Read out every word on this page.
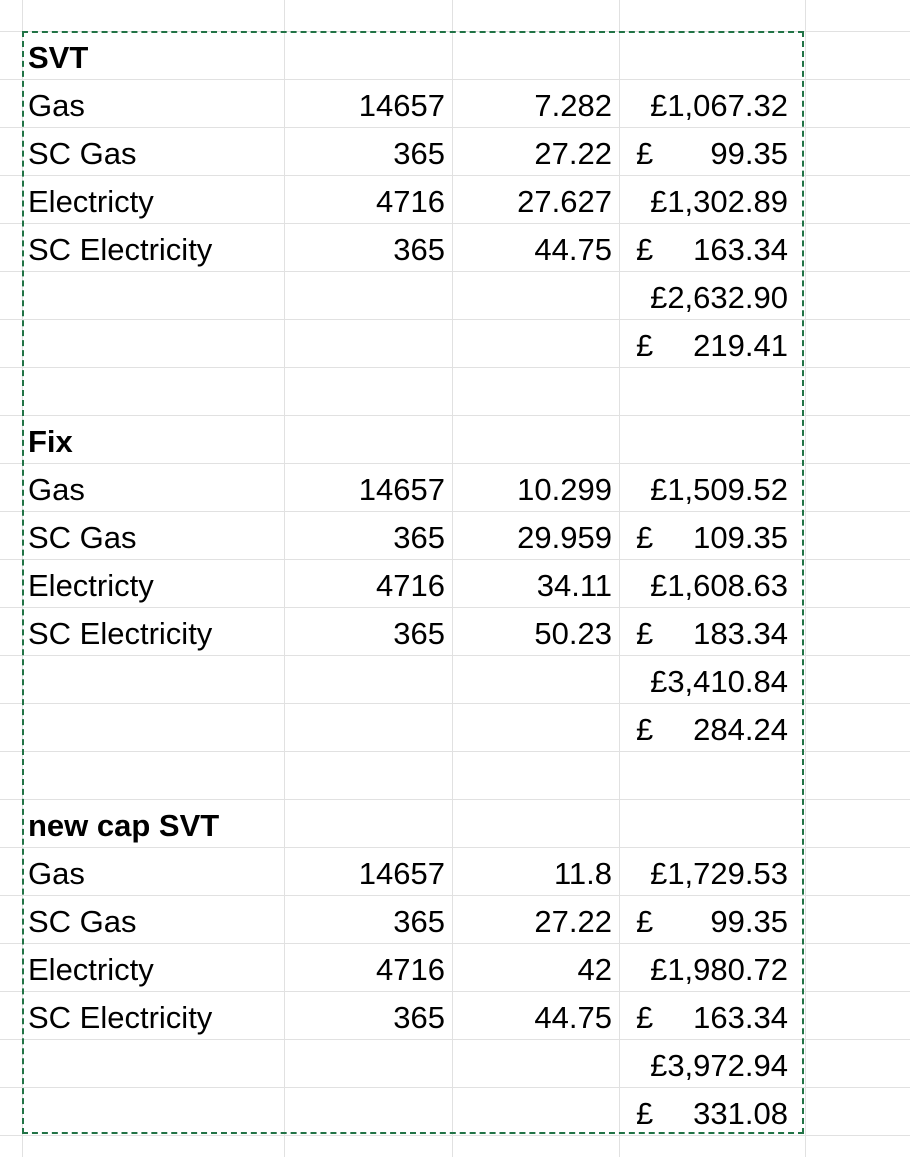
SVT
Gas	14657	7.282 £1,067.32
SC Gas	365	27.22 £ 99.35
Electricty	4716	27.627 £1,302.89
SC Electricity	365	44.75 £ 163.34
£2,632.90
£ 219.41
Fix
Gas	14657	10.299 £1,509.52
SC Gas	365	29.959 £ 109.35
Electricty	4716	34.11 £1,608.63
SC Electricity	365	50.23 £ 183.34
£3,410.84
£ 284.24
new cap SVT
Gas	14657	11.8 £1,729.53
SC Gas	365	27.22 £ 99.35
Electricty	4716	42 £1,980.72
SC Electricity	365	44.75 £ 163.34
£3,972.94
£ 331.08
